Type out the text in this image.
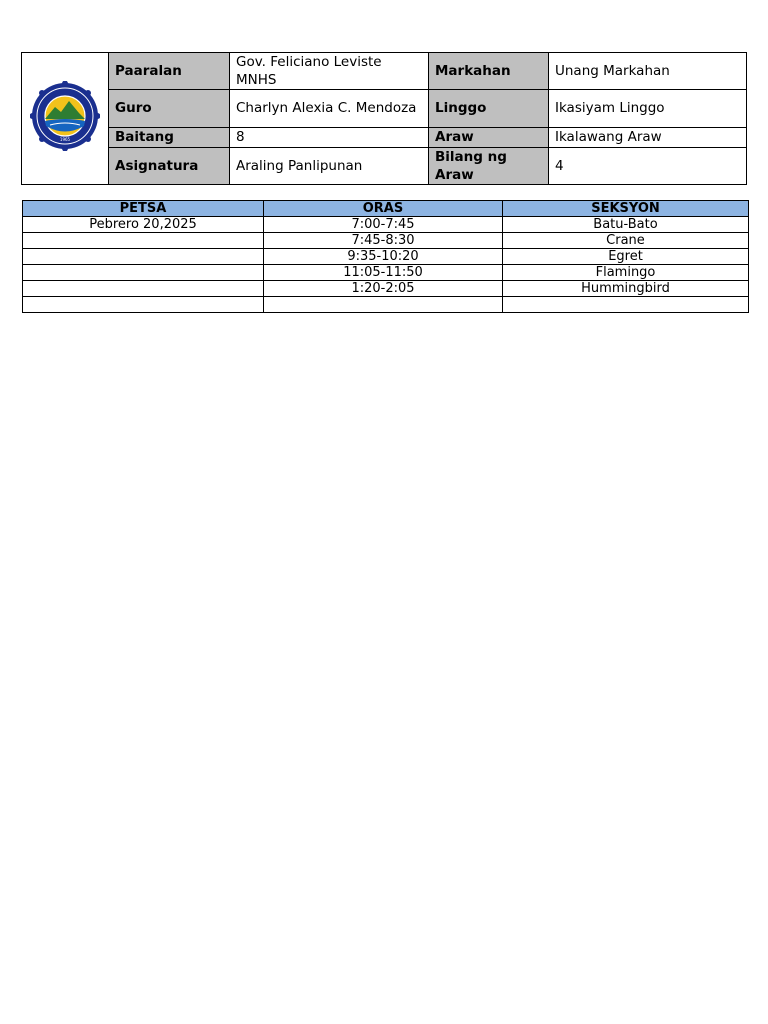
1965	Paaralan	Gov. Feliciano Leviste MNHS	Markahan	Unang Markahan
	Guro	Charlyn Alexia C. Mendoza	Linggo	Ikasiyam Linggo
	Baitang	8	Araw	Ikalawang Araw
	Asignatura	Araling Panlipunan	Bilang ng Araw	4
PETSA	ORAS	SEKSYON
Pebrero 20,2025	7:00-7:45	Batu-Bato
	7:45-8:30	Crane
	9:35-10:20	Egret
	11:05-11:50	Flamingo
	1:20-2:05	Hummingbird
